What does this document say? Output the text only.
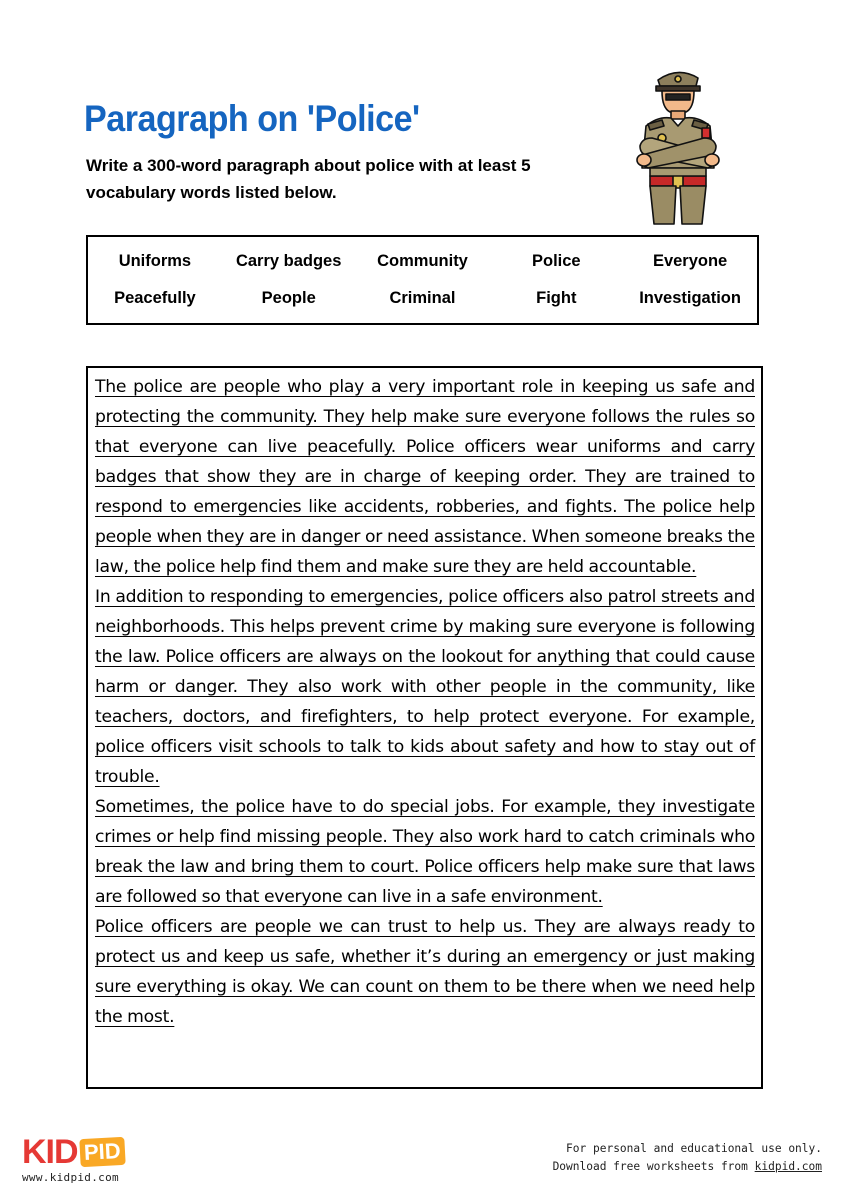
Paragraph on 'Police'
Write a 300-word paragraph about police with at least 5 vocabulary words listed below.
Uniforms	Carry badges	Community	Police	Everyone
Peacefully	People	Criminal	Fight	Investigation

The police are people who play a very important role in keeping us safe and protecting the community. They help make sure everyone follows the rules so that everyone can live peacefully. Police officers wear uniforms and carry badges that show they are in charge of keeping order. They are trained to respond to emergencies like accidents, robberies, and fights. The police help people when they are in danger or need assistance. When someone breaks the law, the police help find them and make sure they are held accountable.

In addition to responding to emergencies, police officers also patrol streets and neighborhoods. This helps prevent crime by making sure everyone is following the law. Police officers are always on the lookout for anything that could cause harm or danger. They also work with other people in the community, like teachers, doctors, and firefighters, to help protect everyone. For example, police officers visit schools to talk to kids about safety and how to stay out of trouble.

Sometimes, the police have to do special jobs. For example, they investigate crimes or help find missing people. They also work hard to catch criminals who break the law and bring them to court. Police officers help make sure that laws are followed so that everyone can live in a safe environment.

Police officers are people we can trust to help us. They are always ready to protect us and keep us safe, whether it’s during an emergency or just making sure everything is okay. We can count on them to be there when we need help the most.

KID PID
www.kidpid.com
For personal and educational use only.
Download free worksheets from kidpid.com
